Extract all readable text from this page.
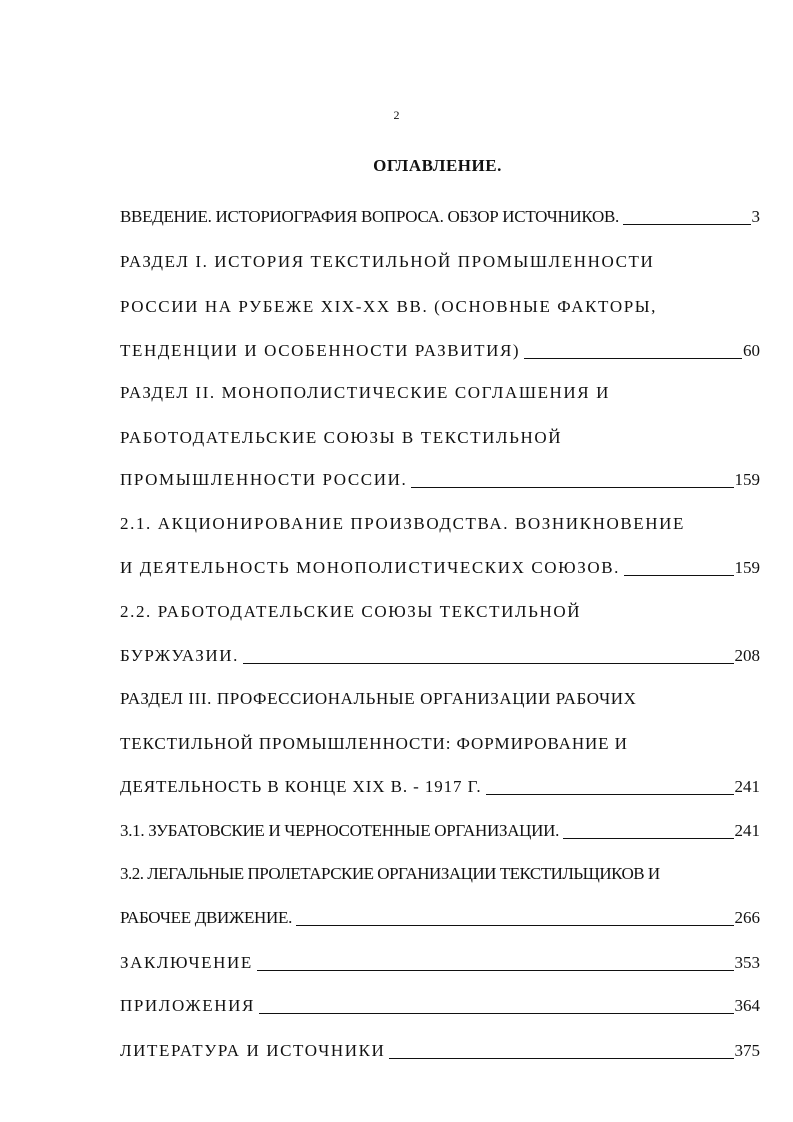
2
ОГЛАВЛЕНИЕ.
ВВЕДЕНИЕ. ИСТОРИОГРАФИЯ ВОПРОСА. ОБЗОР ИСТОЧНИКОВ.	3
РАЗДЕЛ I. ИСТОРИЯ ТЕКСТИЛЬНОЙ ПРОМЫШЛЕННОСТИ
РОССИИ НА РУБЕЖЕ XIX-XX ВВ. (ОСНОВНЫЕ ФАКТОРЫ,
ТЕНДЕНЦИИ И ОСОБЕННОСТИ РАЗВИТИЯ)	60
РАЗДЕЛ II. МОНОПОЛИСТИЧЕСКИЕ СОГЛАШЕНИЯ И
РАБОТОДАТЕЛЬСКИЕ СОЮЗЫ В ТЕКСТИЛЬНОЙ
ПРОМЫШЛЕННОСТИ РОССИИ.	159
2.1. АКЦИОНИРОВАНИЕ ПРОИЗВОДСТВА. ВОЗНИКНОВЕНИЕ
И ДЕЯТЕЛЬНОСТЬ МОНОПОЛИСТИЧЕСКИХ СОЮЗОВ.	159
2.2. РАБОТОДАТЕЛЬСКИЕ СОЮЗЫ ТЕКСТИЛЬНОЙ
БУРЖУАЗИИ.	208
РАЗДЕЛ III. ПРОФЕССИОНАЛЬНЫЕ ОРГАНИЗАЦИИ РАБОЧИХ
ТЕКСТИЛЬНОЙ ПРОМЫШЛЕННОСТИ: ФОРМИРОВАНИЕ И
ДЕЯТЕЛЬНОСТЬ В КОНЦЕ XIX В. - 1917 Г.	241
3.1. ЗУБАТОВСКИЕ И ЧЕРНОСОТЕННЫЕ ОРГАНИЗАЦИИ.	241
3.2. ЛЕГАЛЬНЫЕ ПРОЛЕТАРСКИЕ ОРГАНИЗАЦИИ ТЕКСТИЛЬЩИКОВ И
РАБОЧЕЕ ДВИЖЕНИЕ.	266
ЗАКЛЮЧЕНИЕ	353
ПРИЛОЖЕНИЯ	364
ЛИТЕРАТУРА И ИСТОЧНИКИ	375
